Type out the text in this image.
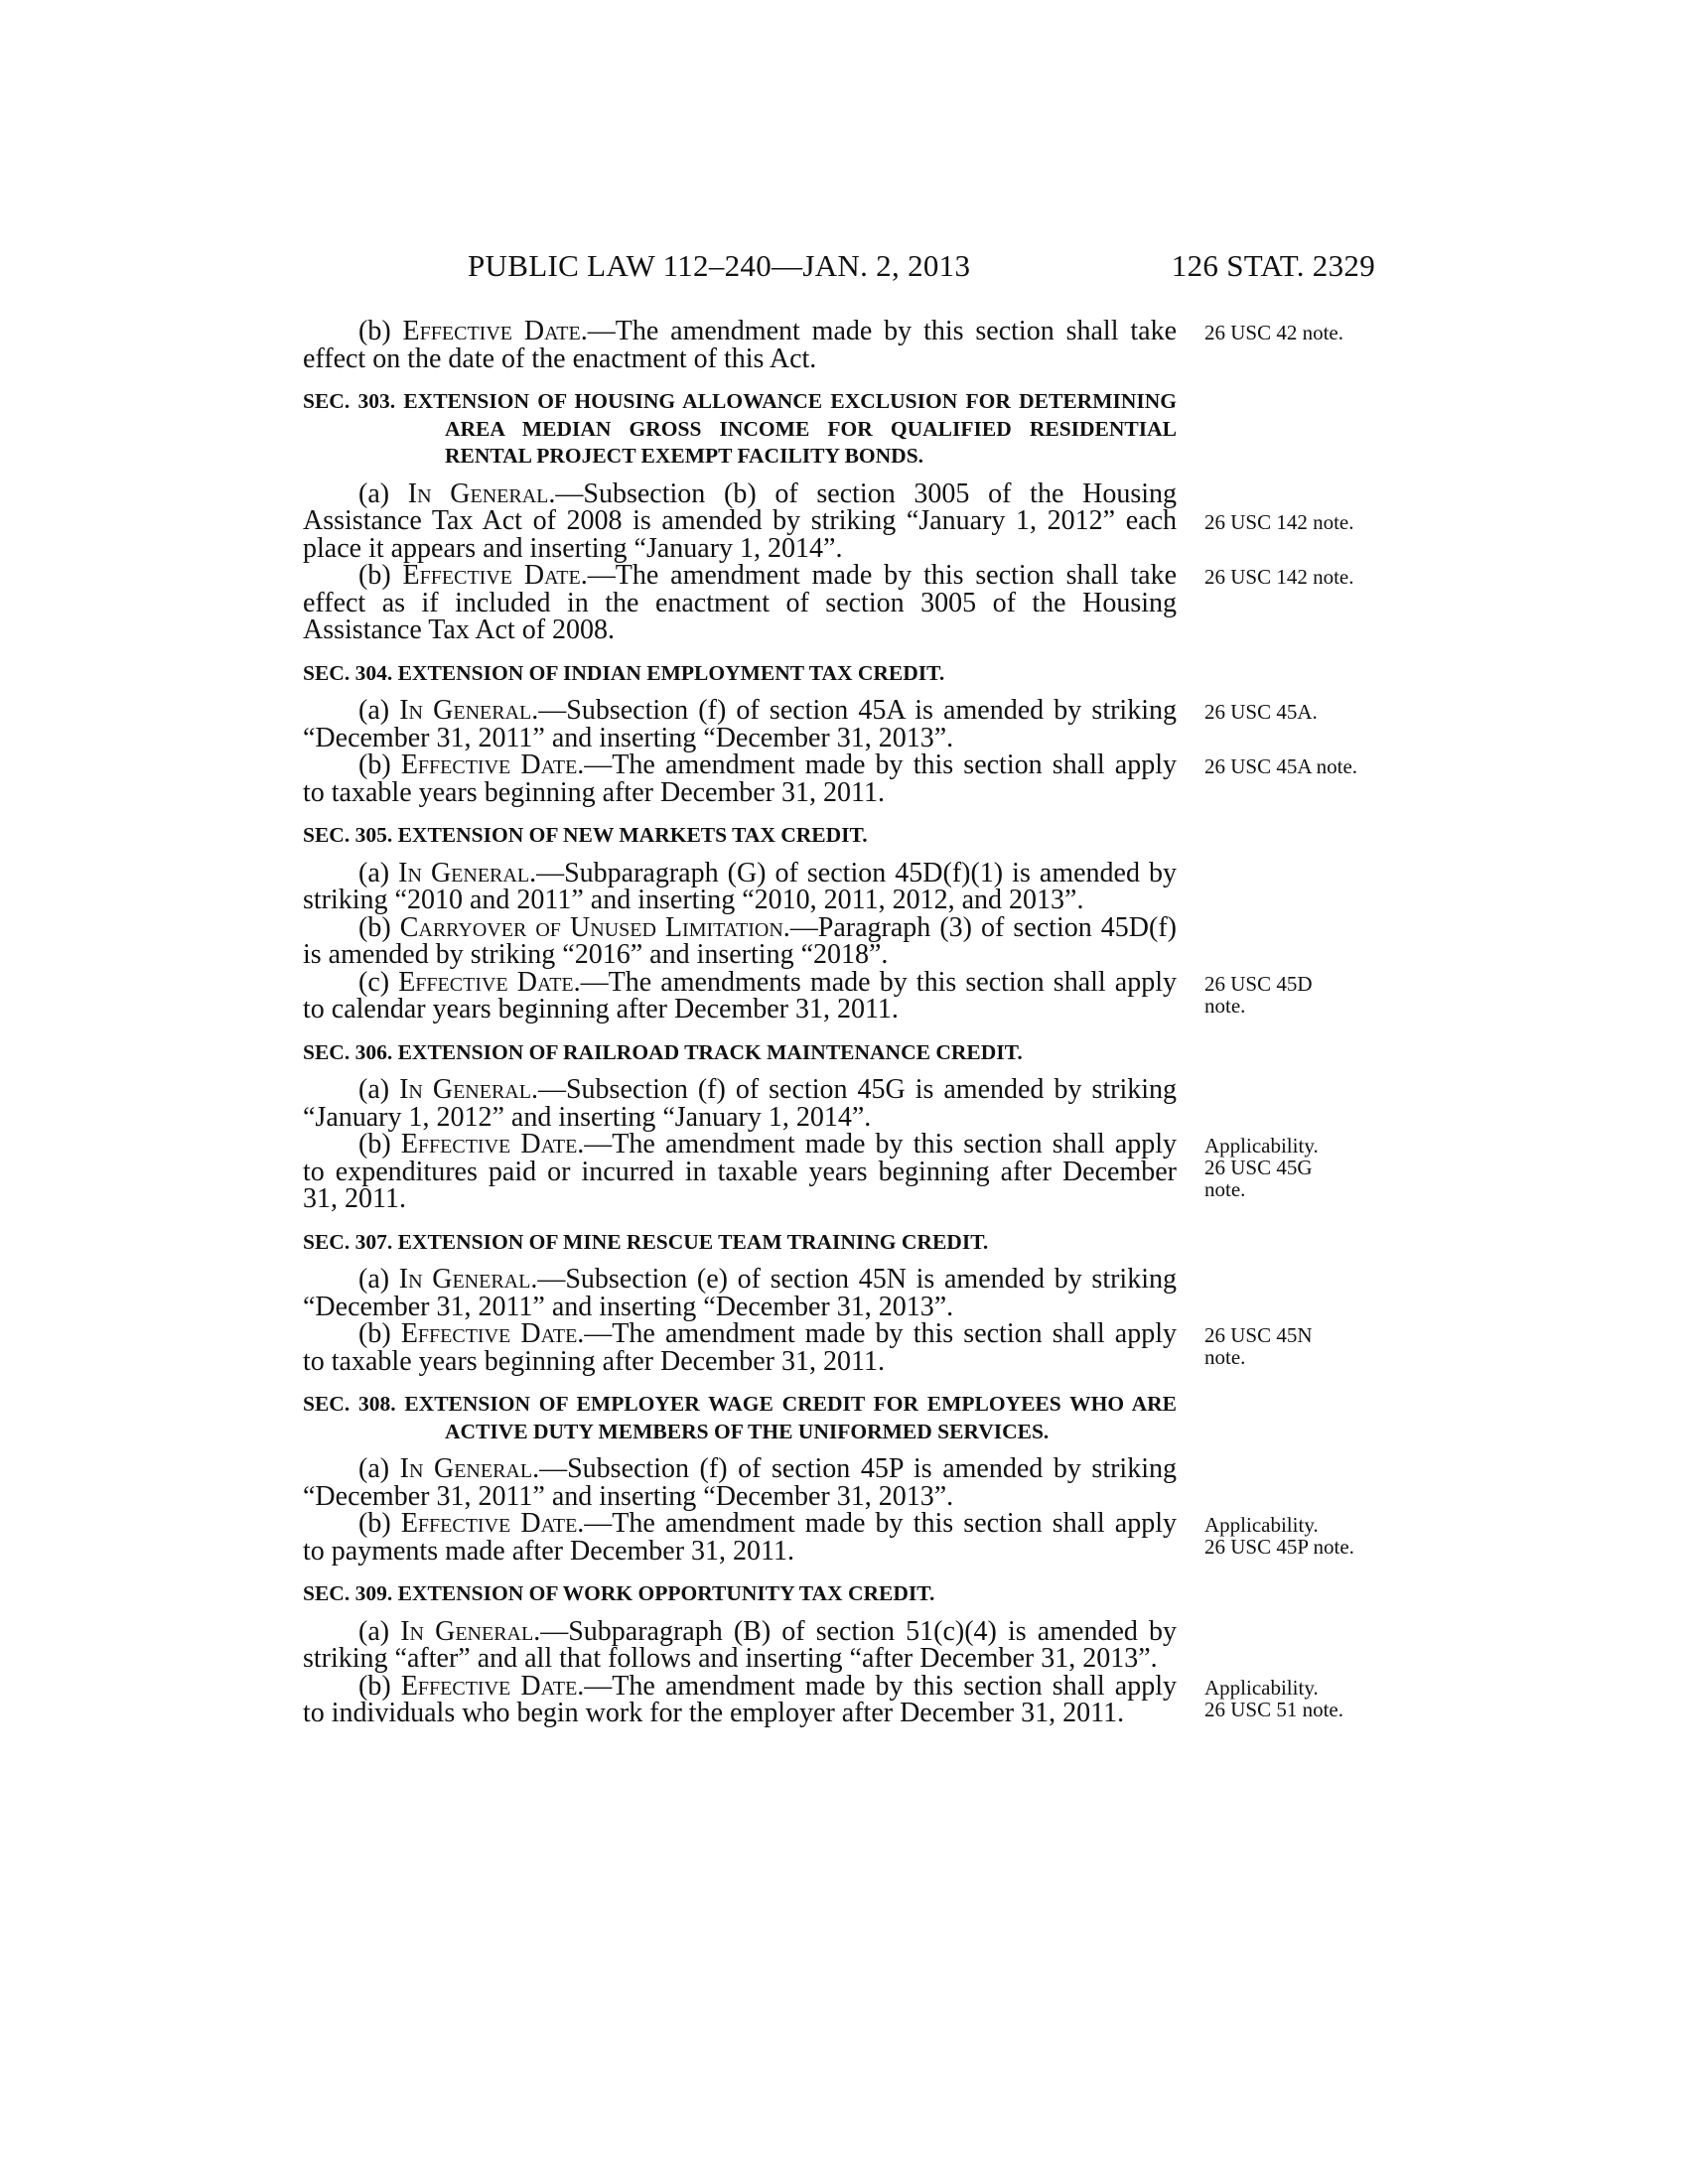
PUBLIC LAW 112–240—JAN. 2, 2013	126 STAT. 2329
26 USC 42 note.

(b) Effective Date.—The amendment made by this section shall take effect on the date of the enactment of this Act.

SEC. 303. EXTENSION OF HOUSING ALLOWANCE EXCLUSION FOR DETERMINING AREA MEDIAN GROSS INCOME FOR QUALIFIED RESIDENTIAL RENTAL PROJECT EXEMPT FACILITY BONDS.
26 USC 142 note.

(a) In General.—Subsection (b) of section 3005 of the Housing Assistance Tax Act of 2008 is amended by striking “January 1, 2012” each place it appears and inserting “January 1, 2014”.

26 USC 142 note.

(b) Effective Date.—The amendment made by this section shall take effect as if included in the enactment of section 3005 of the Housing Assistance Tax Act of 2008.

SEC. 304. EXTENSION OF INDIAN EMPLOYMENT TAX CREDIT.
26 USC 45A.

(a) In General.—Subsection (f) of section 45A is amended by striking “December 31, 2011” and inserting “December 31, 2013”.

26 USC 45A note.

(b) Effective Date.—The amendment made by this section shall apply to taxable years beginning after December 31, 2011.

SEC. 305. EXTENSION OF NEW MARKETS TAX CREDIT.

(a) In General.—Subparagraph (G) of section 45D(f)(1) is amended by striking “2010 and 2011” and inserting “2010, 2011, 2012, and 2013”.

(b) Carryover of Unused Limitation.—Paragraph (3) of section 45D(f) is amended by striking “2016” and inserting “2018”.

26 USC 45D
note.

(c) Effective Date.—The amendments made by this section shall apply to calendar years beginning after December 31, 2011.

SEC. 306. EXTENSION OF RAILROAD TRACK MAINTENANCE CREDIT.

(a) In General.—Subsection (f) of section 45G is amended by striking “January 1, 2012” and inserting “January 1, 2014”.

Applicability.
26 USC 45G
note.

(b) Effective Date.—The amendment made by this section shall apply to expenditures paid or incurred in taxable years beginning after December 31, 2011.

SEC. 307. EXTENSION OF MINE RESCUE TEAM TRAINING CREDIT.

(a) In General.—Subsection (e) of section 45N is amended by striking “December 31, 2011” and inserting “December 31, 2013”.

26 USC 45N
note.

(b) Effective Date.—The amendment made by this section shall apply to taxable years beginning after December 31, 2011.

SEC. 308. EXTENSION OF EMPLOYER WAGE CREDIT FOR EMPLOYEES WHO ARE ACTIVE DUTY MEMBERS OF THE UNIFORMED SERVICES.

(a) In General.—Subsection (f) of section 45P is amended by striking “December 31, 2011” and inserting “December 31, 2013”.

Applicability.
26 USC 45P note.

(b) Effective Date.—The amendment made by this section shall apply to payments made after December 31, 2011.

SEC. 309. EXTENSION OF WORK OPPORTUNITY TAX CREDIT.

(a) In General.—Subparagraph (B) of section 51(c)(4) is amended by striking “after” and all that follows and inserting “after December 31, 2013”.

Applicability.
26 USC 51 note.

(b) Effective Date.—The amendment made by this section shall apply to individuals who begin work for the employer after December 31, 2011.
